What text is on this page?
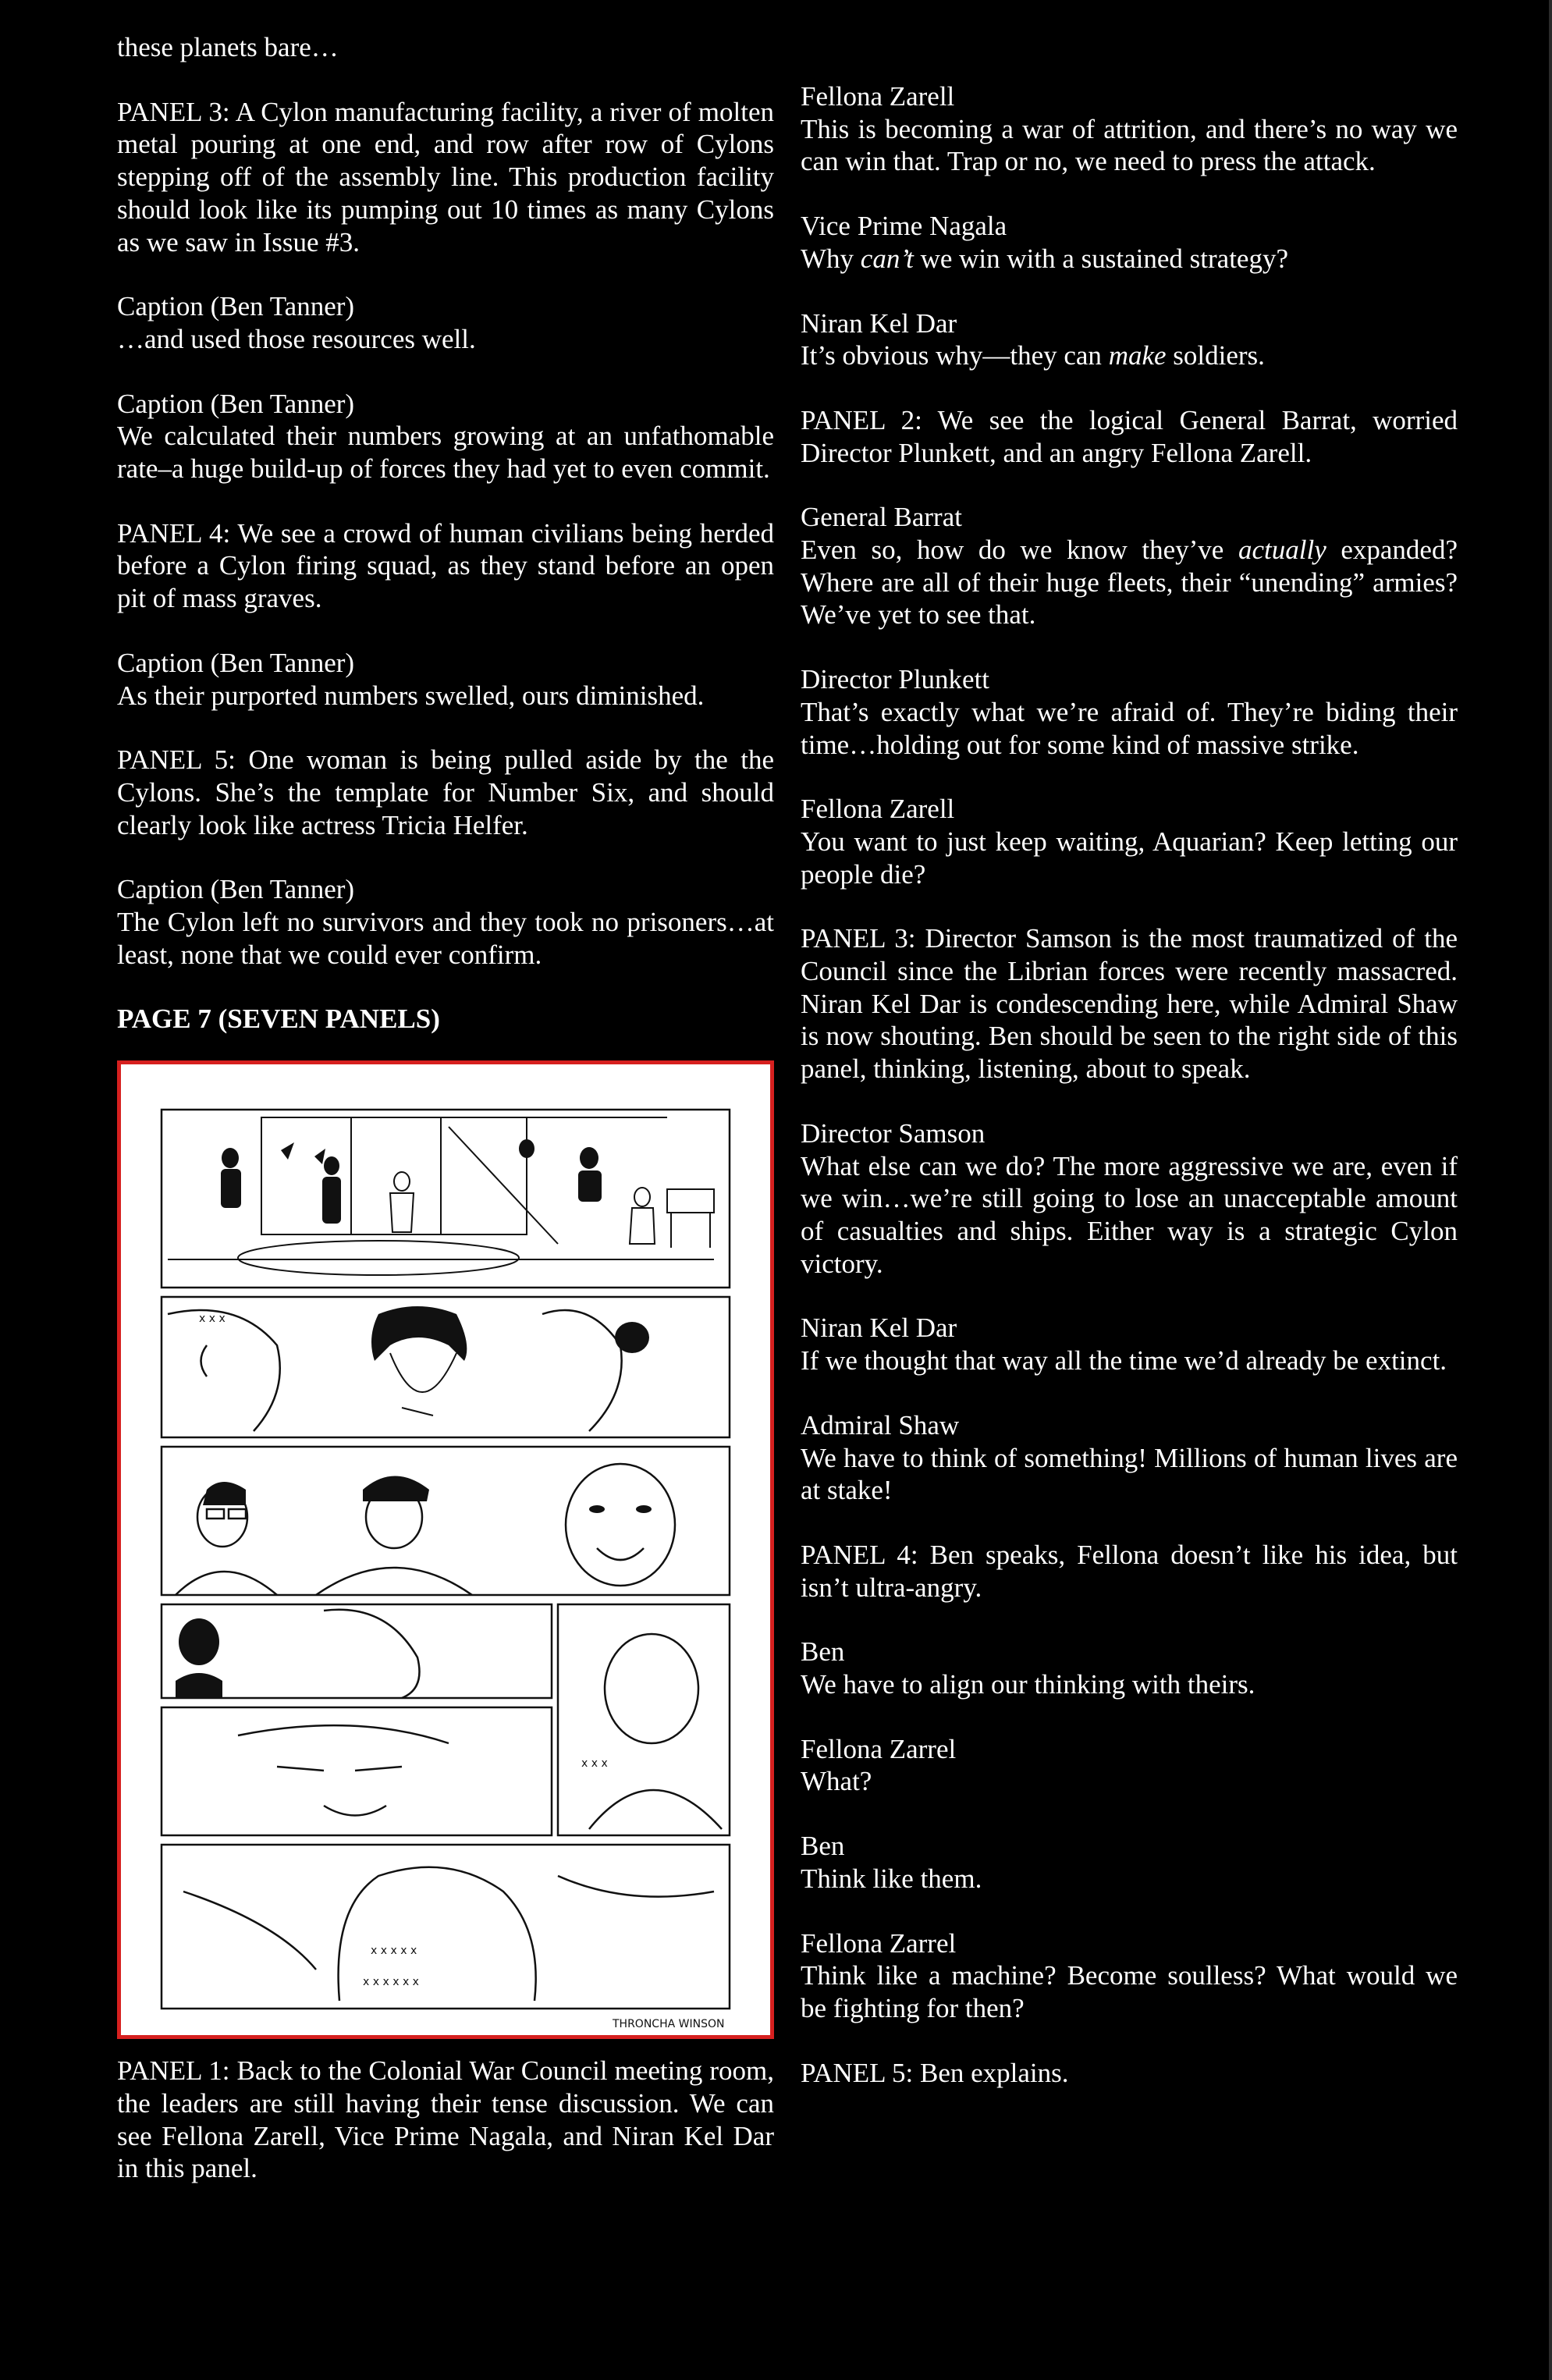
these planets bare…

PANEL 3: A Cylon manufacturing facility, a river of molten metal pouring at one end, and row after row of Cylons stepping off of the assembly line. This production facility should look like its pumping out 10 times as many Cylons as we saw in Issue #3.

Caption (Ben Tanner)

…and used those resources well.

Caption (Ben Tanner)

We calculated their numbers growing at an unfathomable rate–a huge build-up of forces they had yet to even commit.

PANEL 4: We see a crowd of human civilians being herded before a Cylon firing squad, as they stand before an open pit of mass graves.

Caption (Ben Tanner)

As their purported numbers swelled, ours diminished.

PANEL 5: One woman is being pulled aside by the the Cylons. She’s the template for Number Six, and should clearly look like actress Tricia Helfer.

Caption (Ben Tanner)

The Cylon left no survivors and they took no prisoners…at least, none that we could ever confirm.

PAGE 7 (SEVEN PANELS)

x x x x x x
x x x x x
x x x
x x x
THRONCHA WINSON

PANEL 1: Back to the Colonial War Council meeting room, the leaders are still having their tense discussion. We can see Fellona Zarell, Vice Prime Nagala, and Niran Kel Dar in this panel.

Fellona Zarell

This is becoming a war of attrition, and there’s no way we can win that. Trap or no, we need to press the attack.

Vice Prime Nagala

Why can’t we win with a sustained strategy?

Niran Kel Dar

It’s obvious why—they can make soldiers.

PANEL 2: We see the logical General Barrat, worried Director Plunkett, and an angry Fellona Zarell.

General Barrat

Even so, how do we know they’ve actually expanded? Where are all of their huge fleets, their “unending” armies? We’ve yet to see that.

Director Plunkett

That’s exactly what we’re afraid of. They’re biding their time…holding out for some kind of massive strike.

Fellona Zarell

You want to just keep waiting, Aquarian? Keep letting our people die?

PANEL 3: Director Samson is the most traumatized of the Council since the Librian forces were recently massacred. Niran Kel Dar is condescending here, while Admiral Shaw is now shouting. Ben should be seen to the right side of this panel, thinking, listening, about to speak.

Director Samson

What else can we do? The more aggressive we are, even if we win…we’re still going to lose an unacceptable amount of casualties and ships. Either way is a strategic Cylon victory.

Niran Kel Dar

If we thought that way all the time we’d already be extinct.

Admiral Shaw

We have to think of something! Millions of human lives are at stake!

PANEL 4: Ben speaks, Fellona doesn’t like his idea, but isn’t ultra-angry.

Ben

We have to align our thinking with theirs.

Fellona Zarrel

What?

Ben

Think like them.

Fellona Zarrel

Think like a machine? Become soulless? What would we be fighting for then?

PANEL 5: Ben explains.
